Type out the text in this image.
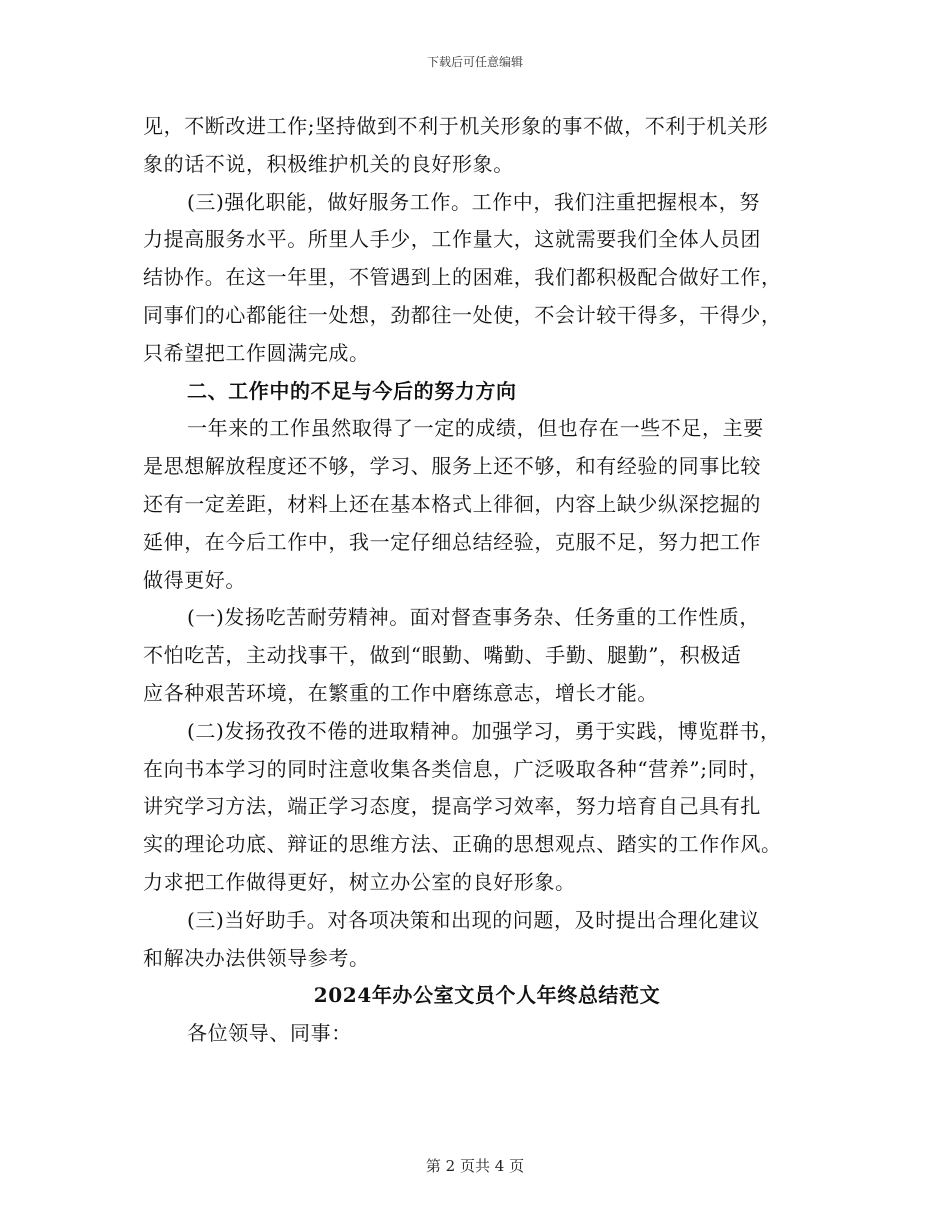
下载后可任意编辑
见，不断改进工作;坚持做到不利于机关形象的事不做，不利于机关形
象的话不说，积极维护机关的良好形象。
(三)强化职能，做好服务工作。工作中，我们注重把握根本，努
力提高服务水平。所里人手少，工作量大，这就需要我们全体人员团
结协作。在这一年里，不管遇到上的困难，我们都积极配合做好工作，
同事们的心都能往一处想，劲都往一处使，不会计较干得多，干得少，
只希望把工作圆满完成。
二、工作中的不足与今后的努力方向
一年来的工作虽然取得了一定的成绩，但也存在一些不足，主要
是思想解放程度还不够，学习、服务上还不够，和有经验的同事比较
还有一定差距，材料上还在基本格式上徘徊，内容上缺少纵深挖掘的
延伸，在今后工作中，我一定仔细总结经验，克服不足，努力把工作
做得更好。
(一)发扬吃苦耐劳精神。面对督查事务杂、任务重的工作性质，
不怕吃苦，主动找事干，做到“眼勤、嘴勤、手勤、腿勤”，积极适
应各种艰苦环境，在繁重的工作中磨练意志，增长才能。
(二)发扬孜孜不倦的进取精神。加强学习，勇于实践，博览群书，
在向书本学习的同时注意收集各类信息，广泛吸取各种“营养”;同时，
讲究学习方法，端正学习态度，提高学习效率，努力培育自己具有扎
实的理论功底、辩证的思维方法、正确的思想观点、踏实的工作作风。
力求把工作做得更好，树立办公室的良好形象。
(三)当好助手。对各项决策和出现的问题，及时提出合理化建议
和解决办法供领导参考。
2024年办公室文员个人年终总结范文
各位领导、同事：
第 2 页共 4 页
